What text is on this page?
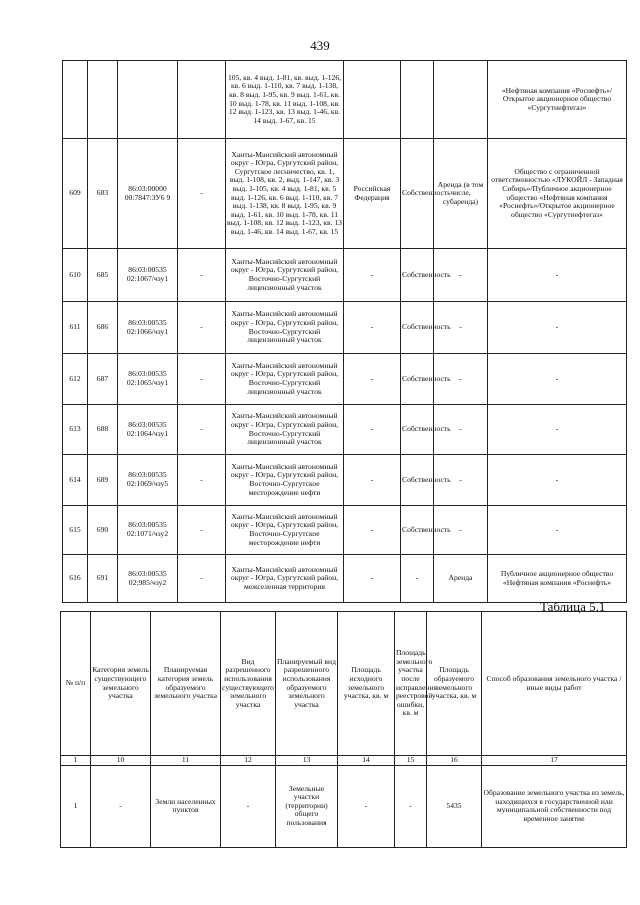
439
				105, кв. 4 выд. 1-81, кв. выд. 1-126, кв. 6 выд. 1-110, кв. 7 выд. 1-138, кв. 8 выд. 1-95, кв. 9 выд. 1-61, кв. 10 выд. 1-78, кв. 11 выд. 1-108, кв. 12 выд. 1-123, кв. 13 выд. 1-46, кв. 14 выд. 1-67, кв. 15				«Нефтяная компания «Роснефть»/Открытое акционерное общество «Сургутнефтегаз»
609	683	86:03:00000 00:7847:ЗУ6 9	-	Ханты-Мансийский автономный округ - Югра, Сургутский район, Сургутское лесничество, кв. 1, выд. 1-108, кв. 2, выд. 1-147, кв. 3 выд. 1-105, кв. 4 выд. 1-81, кв. 5 выд. 1-126, кв. 6 выд. 1-110, кв. 7 выд. 1-138, кв. 8 выд. 1-95, кв. 9 выд. 1-61, кв. 10 выд. 1-78, кв. 11 выд. 1-108, кв. 12 выд. 1-123, кв. 13 выд. 1-46, кв. 14 выд. 1-67, кв. 15	Российская Федерация	Собственность	Аренда (в том числе, субаренда)	Общество с ограниченной ответственностью «ЛУКОЙЛ - Западная Сибирь»/Публичное акционерное общество «Нефтяная компания «Роснефть»/Открытое акционерное общество «Сургутнефтегаз»
610	685	86:03:00535 02:1067/чзу1	-	Ханты-Мансийский автономный округ - Югра, Сургутский район, Восточно-Сургутский лицензионный участок	-	Собственность	-	-
611	686	86:03:00535 02:1066/чзу1	-	Ханты-Мансийский автономный округ - Югра, Сургутский район, Восточно-Сургутский лицензионный участок	-	Собственность	-	-
612	687	86:03:00535 02:1065/чзу1	-	Ханты-Мансийский автономный округ - Югра, Сургутский район, Восточно-Сургутский лицензионный участок	-	Собственность	-	-
613	688	86:03:00535 02:1064/чзу1	-	Ханты-Мансийский автономный округ - Югра, Сургутский район, Восточно-Сургутский лицензионный участок	-	Собственность	-	-
614	689	86:03:00535 02:1069/чзу5	-	Ханты-Мансийский автономный округ - Югра, Сургутский район, Восточно-Сургутское месторождение нефти	-	Собственность	-	-
615	690	86:03:00535 02:1071/чзу2	-	Ханты-Мансийский автономный округ - Югра, Сургутский район, Восточно-Сургутское месторождение нефти	-	Собственность	-	-
616	691	86:03:00535 02:985/чзу2	-	Ханты-Мансийский автономный округ - Югра, Сургутский район, межселенная территория	-	-	Аренда	Публичное акционерное общество «Нефтяная компания «Роснефть»
Таблица 5.1
№ п/п	Категория земель существующего земельного участка	Планируемая категория земель образуемого земельного участка	Вид разрешенного использования существующего земельного участка	Планируемый вид разрешенного использования образуемого земельного участка	Площадь исходного земельного участка, кв. м	Площадь земельного участка после исправления реестровой ошибки, кв. м	Площадь образуемого земельного участка, кв. м	Способ образования земельного участка / иные виды работ
1	10	11	12	13	14	15	16	17
1	-	Земли населенных пунктов	-	Земельные участки (территории) общего пользования	-	-	5435	Образование земельного участка из земель, находящихся в государственной или муниципальной собственности под временное занятие
